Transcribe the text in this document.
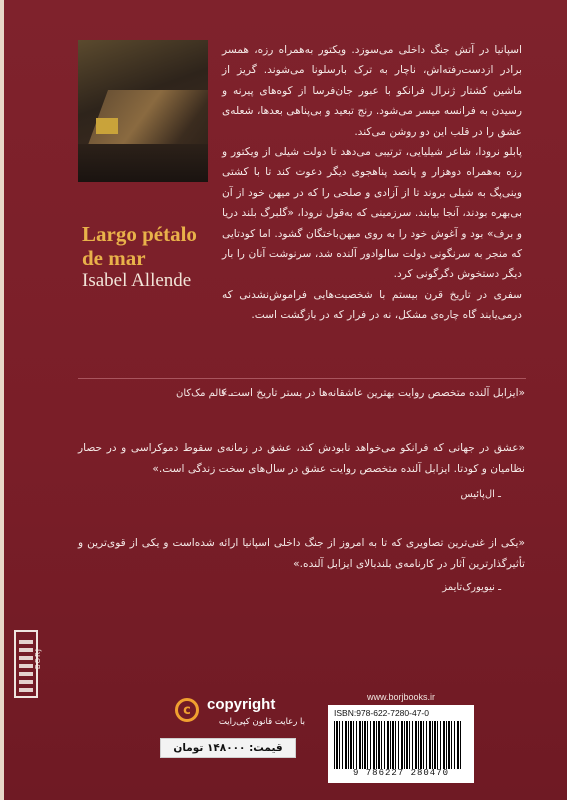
Largo pétalo de mar
Isabel Allende

اسپانیا در آتش جنگ داخلی می‌سوزد. ویکتور به‌همراه رزه، همسر برادر ازدست‌رفته‌اش، ناچار به ترک بارسلونا می‌شوند. گریز از ماشین کشتار ژنرال فرانکو با عبور جان‌فرسا از کوه‌های پیرنه و رسیدن به فرانسه میسر می‌شود. رنج تبعید و بی‌پناهی بعدها، شعله‌ی عشق را در قلب این دو روشن می‌کند.

پابلو نرودا، شاعر شیلیایی، ترتیبی می‌دهد تا دولت شیلی از ویکتور و رزه به‌همراه دوهزار و پانصد پناهجوی دیگر دعوت کند تا با کشتی وینی‌پگ به شیلی بروند تا از آزادی و صلحی را که در میهن خود از آن بی‌بهره بودند، آنجا بیابند. سرزمینی که به‌قول نرودا، «گلبرگ بلند دریا و برف» بود و آغوش خود را به روی میهن‌باختگان گشود. اما کودتایی که منجر به سرنگونی دولت سالوادور آلنده شد، سرنوشت آنان را بار دیگر دستخوش دگرگونی کرد.

سفری در تاریخ قرن بیستم با شخصیت‌هایی فراموش‌نشدنی که درمی‌یابند گاه چاره‌ی مشکل، نه در فرار که در بازگشت است.

«ایزابل آلنده متخصص روایت بهترین عاشقانه‌ها در بستر تاریخ است.»

ـ کالم مک‌کان

«عشق در جهانی که فرانکو می‌خواهد نابودش کند، عشق در زمانه‌ی سقوط دموکراسی و در حصار نظامیان و کودتا. ایزابل آلنده متخصص روایت عشق در سال‌های سخت زندگی است.»

ـ ال‌پائیس

«یکی از غنی‌ترین تصاویری که تا به امروز از جنگ داخلی اسپانیا ارائه شده‌است و یکی از قوی‌ترین و تأثیرگذارترین آثار در کارنامه‌ی بلندبالای ایزابل آلنده.»

ـ نیویورک‌تایمز

BORJ
c	copyright
با رعایت قانون کپی‌رایت
قیمت: ۱۴۸۰۰۰ تومان
www.borjbooks.ir
ISBN:978-622-7280-47-0
9 786227 280470
